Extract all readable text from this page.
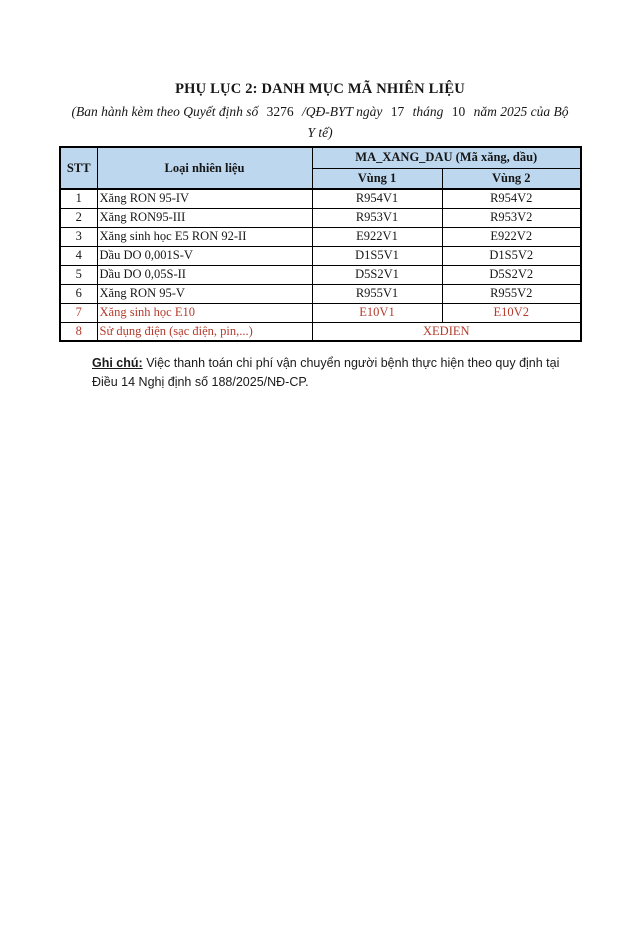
PHỤ LỤC 2: DANH MỤC MÃ NHIÊN LIỆU
(Ban hành kèm theo Quyết định số 3276 /QĐ-BYT ngày 17 tháng 10 năm 2025 của Bộ
Y tế)
STT	Loại nhiên liệu	MA_XANG_DAU (Mã xăng, dầu)	
		Vùng 1	Vùng 2
1	Xăng RON 95-IV	R954V1	R954V2
2	Xăng RON95-III	R953V1	R953V2
3	Xăng sinh học E5 RON 92-II	E922V1	E922V2
4	Dầu DO 0,001S-V	D1S5V1	D1S5V2
5	Dầu DO 0,05S-II	D5S2V1	D5S2V2
6	Xăng RON 95-V	R955V1	R955V2
7	Xăng sinh học E10	E10V1	E10V2
8	Sử dụng điện (sạc điện, pin,...)	XEDIEN	
Ghi chú: Việc thanh toán chi phí vận chuyển người bệnh thực hiện theo quy định tại
Điều 14 Nghị định số 188/2025/NĐ-CP.
